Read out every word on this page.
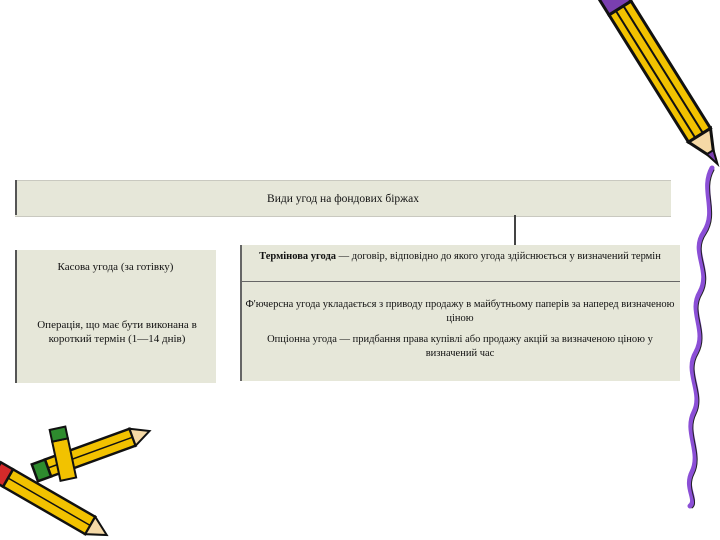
Види угод на фондових біржах
Касова угода (за готівку)
Операція, що має бути виконана в короткий термін (1—14 днів)
Термінова угода — договір, відповідно до якого угода здійснюється у визначений термін

Ф'ючерсна угода укладається з приводу продажу в майбутньому паперів за наперед визначеною ціною

Опціонна угода — придбання права купівлі або продажу акцій за визначеною ціною у визначений час
